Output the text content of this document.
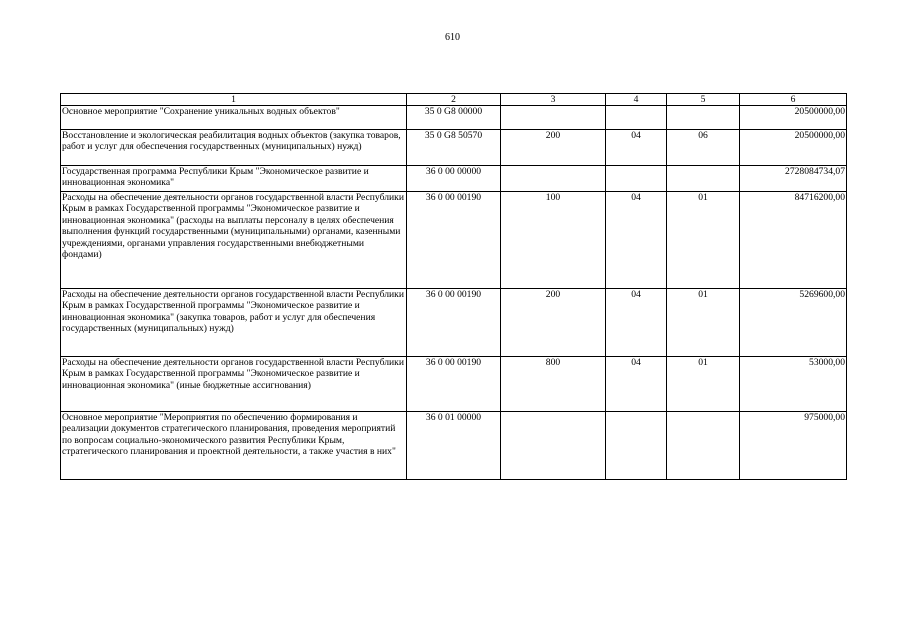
610
1	2	3	4	5	6
Основное мероприятие "Сохранение уникальных водных объектов"	35 0 G8 00000				20500000,00
Восстановление и экологическая реабилитация водных объектов (закупка товаров, работ и услуг для обеспечения государственных (муниципальных) нужд)	35 0 G8 50570	200	04	06	20500000,00
Государственная программа Республики Крым "Экономическое развитие и инновационная экономика"	36 0 00 00000				2728084734,07
Расходы на обеспечение деятельности органов государственной власти Республики Крым в рамках Государственной программы "Экономическое развитие и инновационная экономика" (расходы на выплаты персоналу в целях обеспечения выполнения функций государственными (муниципальными) органами, казенными учреждениями, органами управления государственными внебюджетными фондами)	36 0 00 00190	100	04	01	84716200,00
Расходы на обеспечение деятельности органов государственной власти Республики Крым в рамках Государственной программы "Экономическое развитие и инновационная экономика" (закупка товаров, работ и услуг для обеспечения государственных (муниципальных) нужд)	36 0 00 00190	200	04	01	5269600,00
Расходы на обеспечение деятельности органов государственной власти Республики Крым в рамках Государственной программы "Экономическое развитие и инновационная экономика" (иные бюджетные ассигнования)	36 0 00 00190	800	04	01	53000,00
Основное мероприятие "Мероприятия по обеспечению формирования и реализации документов стратегического планирования, проведения мероприятий по вопросам социально-экономического развития Республики Крым, стратегического планирования и проектной деятельности, а также участия в них"	36 0 01 00000				975000,00
